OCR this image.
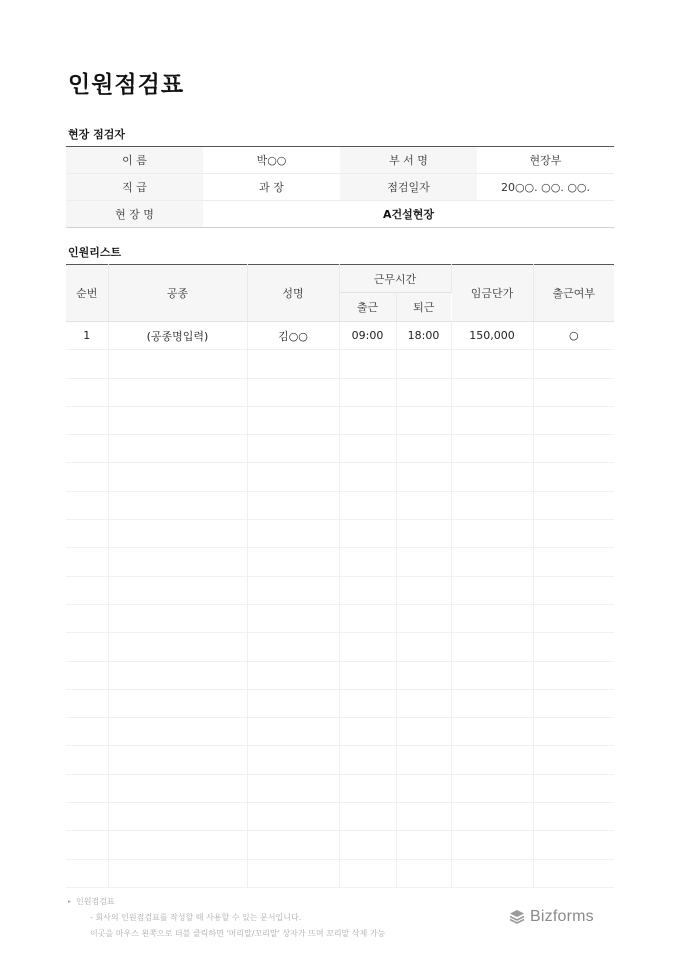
인원점검표
현장 점검자
이 름	박○○	부 서 명	현장부
직 급	과 장	점검일자	20○○. ○○. ○○.
현 장 명	A건설현장		
인원리스트
순번	공종	성명	근무시간		임금단가	출근여부
			출근	퇴근		
1	(공종명입력)	김○○	09:00	18:00	150,000	○

▸ 인원점검표
- 회사의 인원점검표를 작성할 때 사용할 수 있는 문서입니다.
이곳을 마우스 왼쪽으로 더블 클릭하면 '머리말/꼬리말' 상자가 뜨며 꼬리말 삭제 가능
Bizforms
